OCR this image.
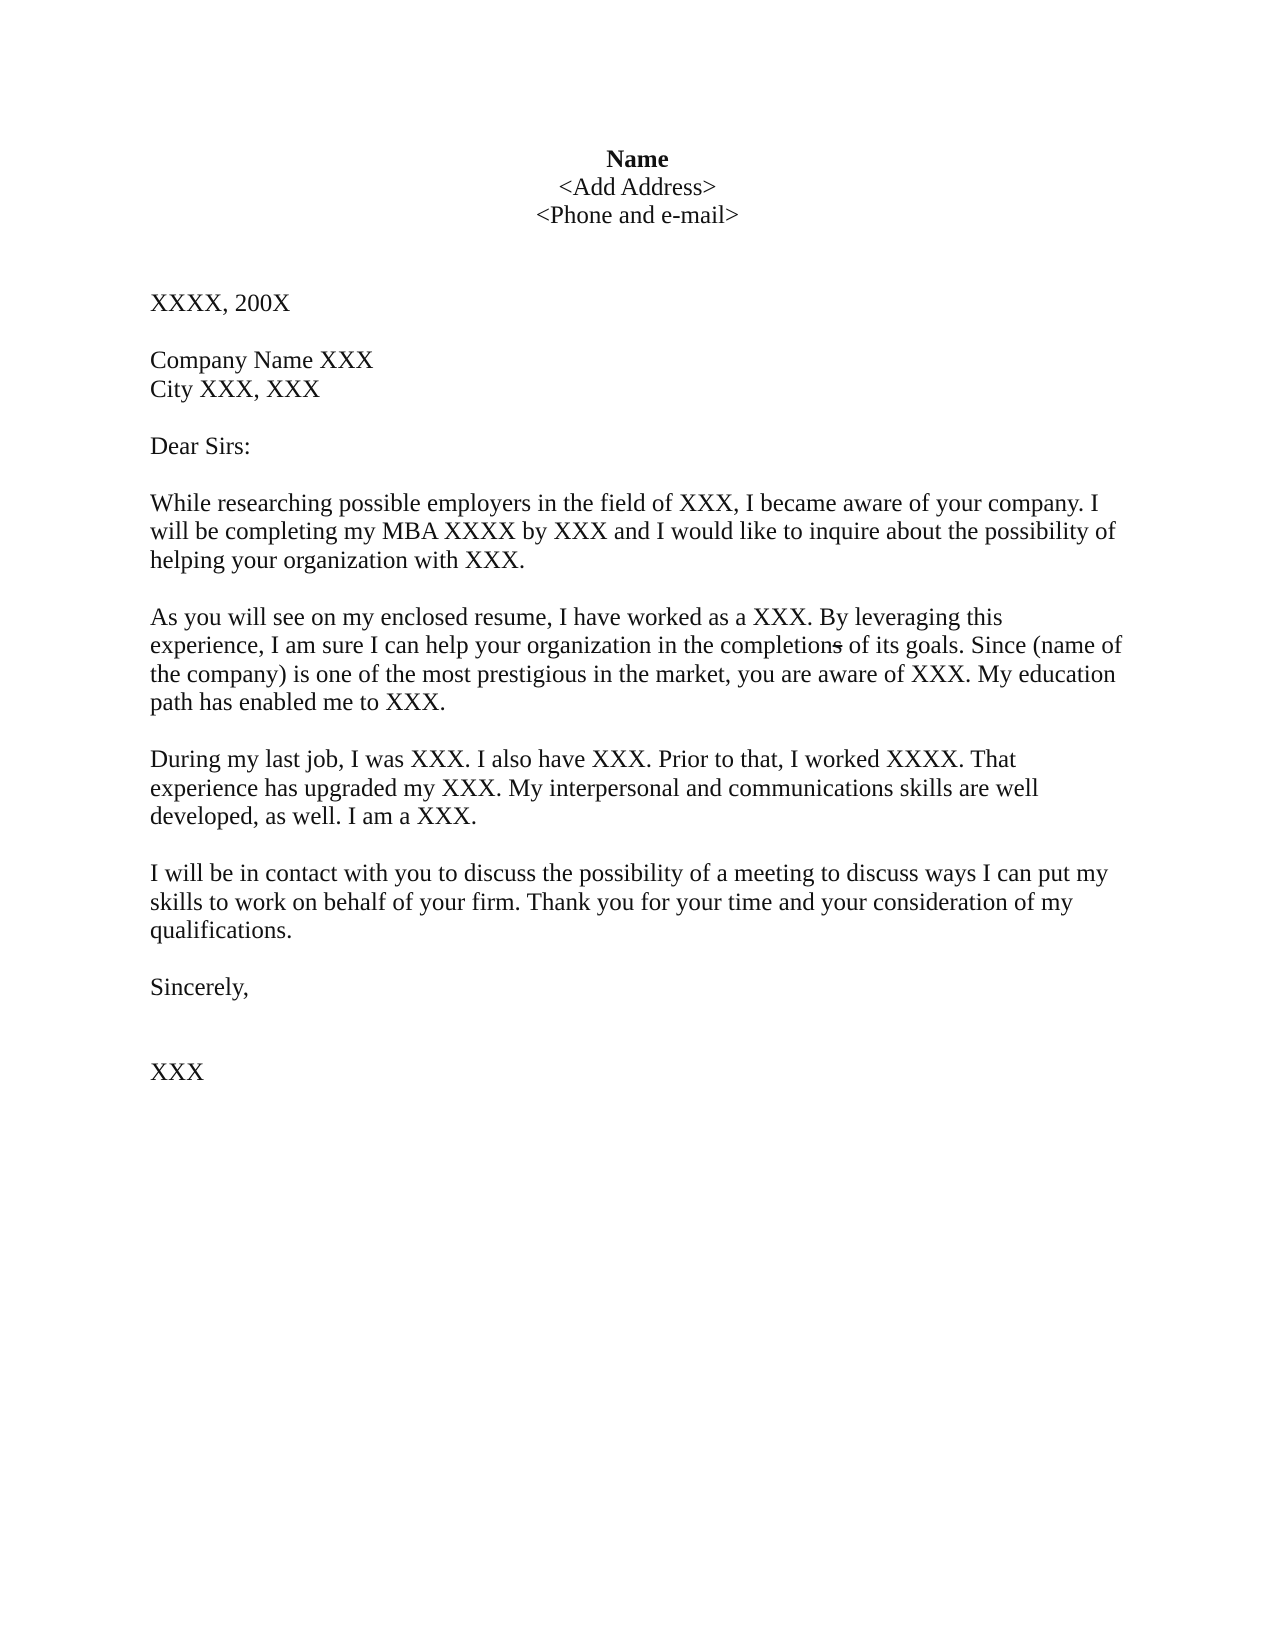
Name
<Add Address>
<Phone and e-mail>
XXXX, 200X
Company Name XXX
City XXX, XXX
Dear Sirs:
While researching possible employers in the field of XXX, I became aware of your company. I
will be completing my MBA XXXX by XXX and I would like to inquire about the possibility of
helping your organization with XXX.
As you will see on my enclosed resume, I have worked as a XXX. By leveraging this
experience, I am sure I can help your organization in the completions of its goals. Since (name of
the company) is one of the most prestigious in the market, you are aware of XXX. My education
path has enabled me to XXX.
During my last job, I was XXX. I also have XXX. Prior to that, I worked XXXX. That
experience has upgraded my XXX. My interpersonal and communications skills are well
developed, as well. I am a XXX.
I will be in contact with you to discuss the possibility of a meeting to discuss ways I can put my
skills to work on behalf of your firm. Thank you for your time and your consideration of my
qualifications.
Sincerely,
XXX
